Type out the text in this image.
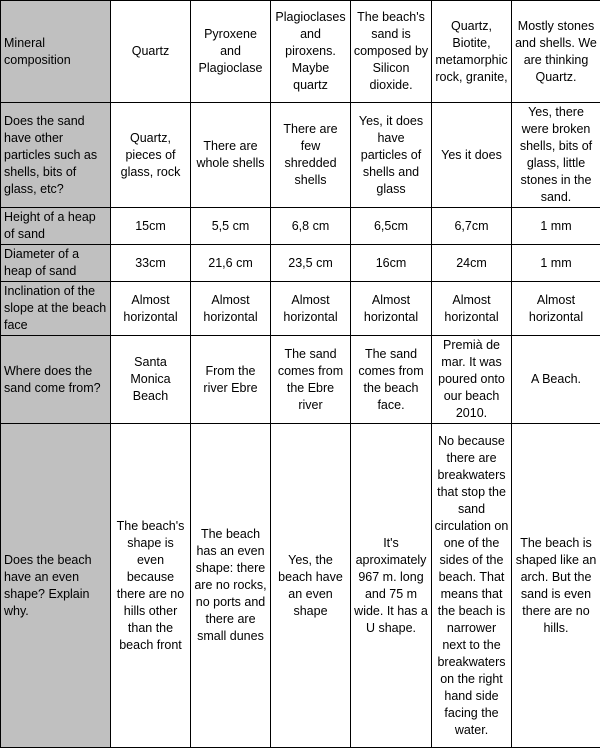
Mineral composition	Quartz	Pyroxene and Plagioclase	Plagioclases and piroxens. Maybe quartz	The beach's sand is composed by Silicon dioxide.	Quartz, Biotite, metamorphic rock, granite,	Mostly stones and shells. We are thinking Quartz.
Does the sand have other particles such as shells, bits of glass, etc?	Quartz, pieces of glass, rock	There are whole shells	There are few shredded shells	Yes, it does have particles of shells and glass	Yes it does	Yes, there were broken shells, bits of glass, little stones in the sand.
Height of a heap of sand	15cm	5,5 cm	6,8 cm	6,5cm	6,7cm	1 mm
Diameter of a heap of sand	33cm	21,6 cm	23,5 cm	16cm	24cm	1 mm
Inclination of the slope at the beach face	Almost horizontal	Almost horizontal	Almost horizontal	Almost horizontal	Almost horizontal	Almost horizontal
Where does the sand come from?	Santa Monica Beach	From the river Ebre	The sand comes from the Ebre river	The sand comes from the beach face.	Premià de mar. It was poured onto our beach 2010.	A Beach.
Does the beach have an even shape? Explain why.	The beach's shape is even because there are no hills other than the beach front	The beach has an even shape: there are no rocks, no ports and there are small dunes	Yes, the beach have an even shape	It's aproximately 967 m. long and 75 m wide. It has a U shape.	No because there are breakwaters that stop the sand circulation on one of the sides of the beach. That means that the beach is narrower next to the breakwaters on the right hand side facing the water.	The beach is shaped like an arch. But the sand is even there are no hills.
